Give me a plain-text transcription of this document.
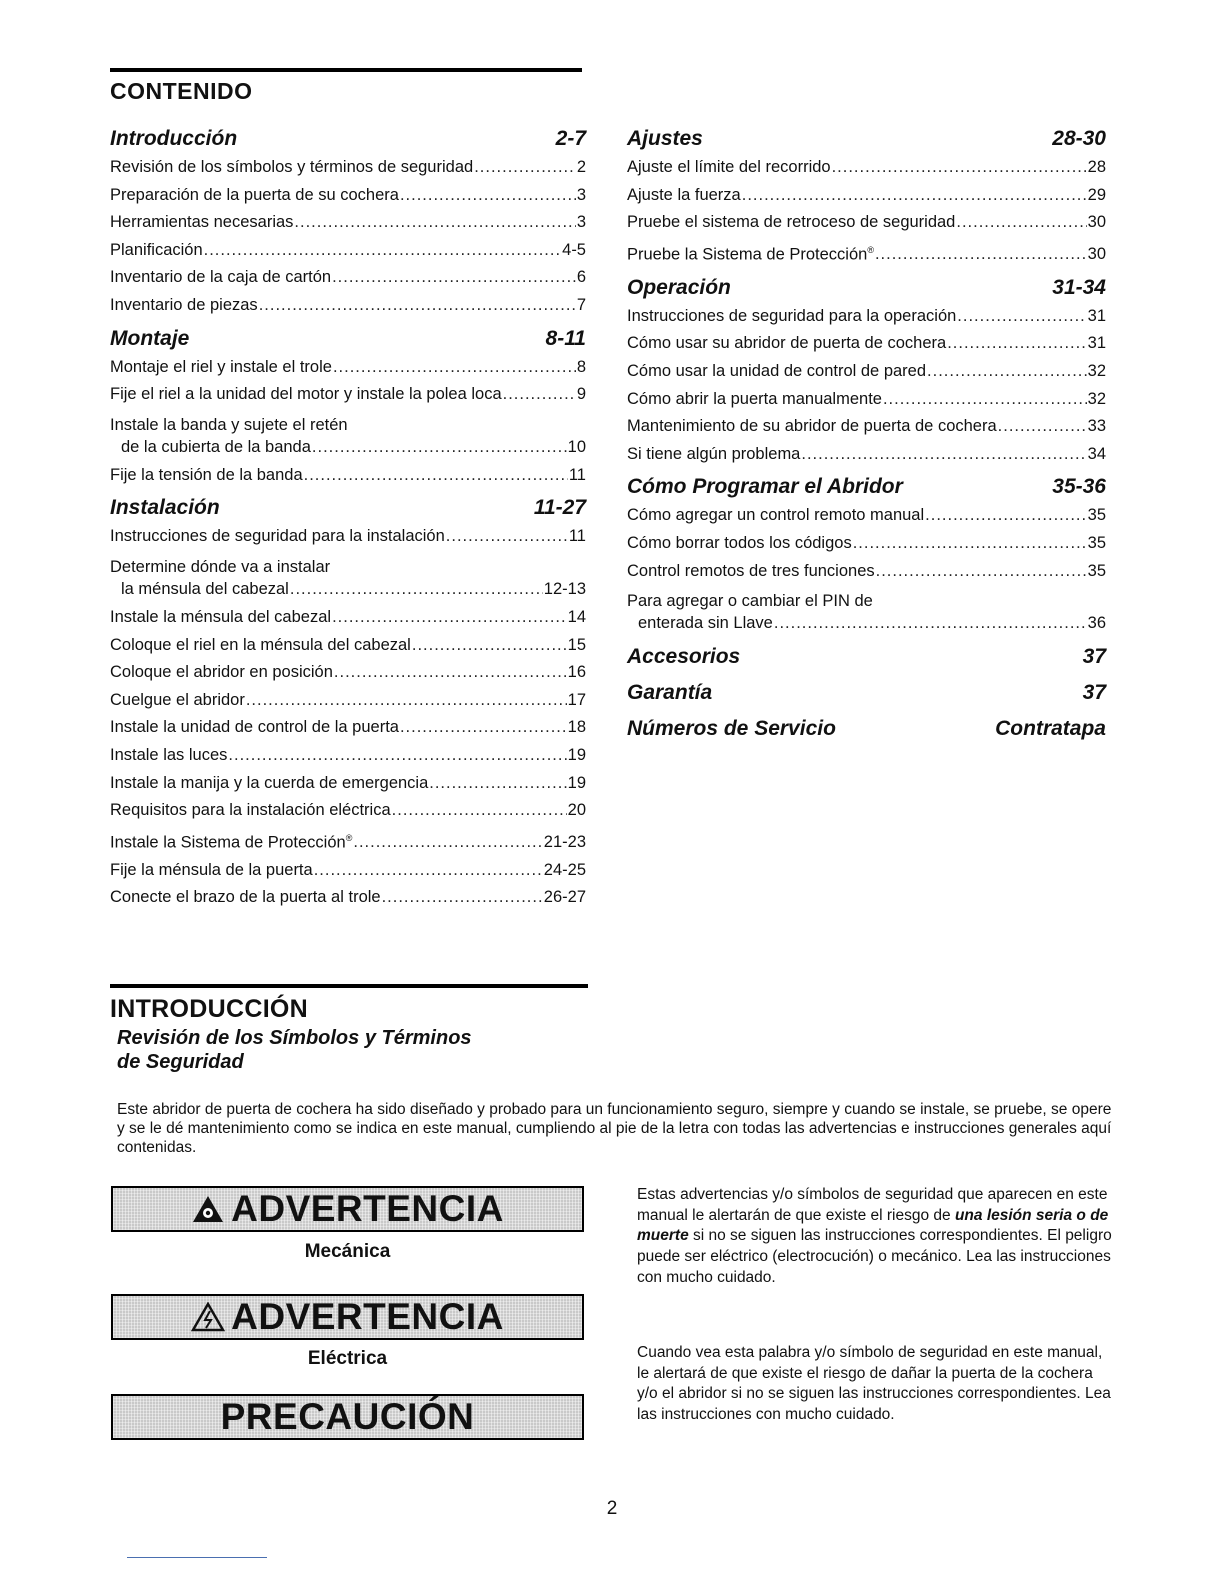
CONTENIDO
Introducción	2-7
Revisión de los símbolos y términos de seguridad .....	2
Preparación de la puerta de su cochera .....	3
Herramientas necesarias .....	3
Planificación .....	4-5
Inventario de la caja de cartón .....	6
Inventario de piezas .....	7
Montaje	8-11
Montaje el riel y instale el trole .....	8
Fije el riel a la unidad del motor y instale la polea loca .....	9
Instale la banda y sujete el retén
de la cubierta de la banda .....	10
Fije la tensión de la banda .....	11
Instalación	11-27
Instrucciones de seguridad para la instalación .....	11
Determine dónde va a instalar
la ménsula del cabezal .....	12-13
Instale la ménsula del cabezal .....	14
Coloque el riel en la ménsula del cabezal .....	15
Coloque el abridor en posición .....	16
Cuelgue el abridor .....	17
Instale la unidad de control de la puerta .....	18
Instale las luces .....	19
Instale la manija y la cuerda de emergencia .....	19
Requisitos para la instalación eléctrica .....	20
Instale la Sistema de Protección® .....	21-23
Fije la ménsula de la puerta .....	24-25
Conecte el brazo de la puerta al trole .....	26-27
Ajustes	28-30
Ajuste el límite del recorrido .....	28
Ajuste la fuerza .....	29
Pruebe el sistema de retroceso de seguridad .....	30
Pruebe la Sistema de Protección® .....	30
Operación	31-34
Instrucciones de seguridad para la operación .....	31
Cómo usar su abridor de puerta de cochera .....	31
Cómo usar la unidad de control de pared .....	32
Cómo abrir la puerta manualmente .....	32
Mantenimiento de su abridor de puerta de cochera .....	33
Si tiene algún problema .....	34
Cómo Programar el Abridor	35-36
Cómo agregar un control remoto manual .....	35
Cómo borrar todos los códigos .....	35
Control remotos de tres funciones .....	35
Para agregar o cambiar el PIN de
enterada sin Llave .....	36
Accesorios	37
Garantía	37
Números de Servicio	Contratapa
INTRODUCCIÓN
Revisión de los Símbolos y Términos
de Seguridad
Este abridor de puerta de cochera ha sido diseñado y probado para un funcionamiento seguro, siempre y cuando se instale, se pruebe, se opere y se le dé mantenimiento como se indica en este manual, cumpliendo al pie de la letra con todas las advertencias e instrucciones generales aquí contenidas.
ADVERTENCIA
Mecánica
ADVERTENCIA
Eléctrica
PRECAUCIÓN
Estas advertencias y/o símbolos de seguridad que aparecen en este manual le alertarán de que existe el riesgo de una lesión seria o de muerte si no se siguen las instrucciones correspondientes. El peligro puede ser eléctrico (electrocución) o mecánico. Lea las instrucciones con mucho cuidado.
Cuando vea esta palabra y/o símbolo de seguridad en este manual, le alertará de que existe el riesgo de dañar la puerta de la cochera y/o el abridor si no se siguen las instrucciones correspondientes. Lea las instrucciones con mucho cuidado.
2
